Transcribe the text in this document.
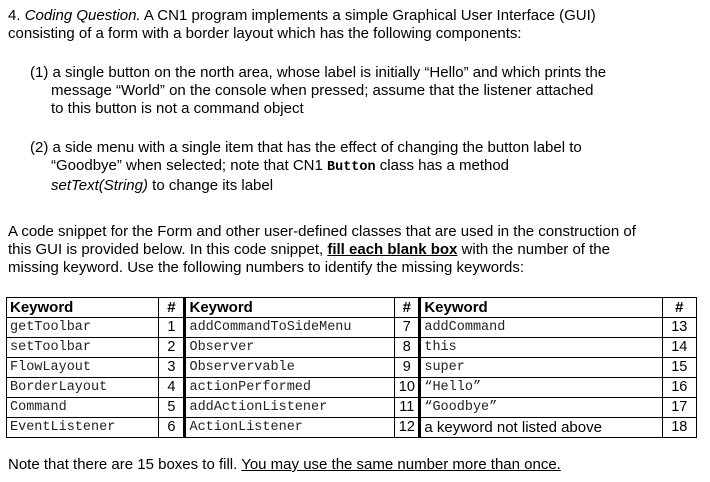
4. Coding Question. A CN1 program implements a simple Graphical User Interface (GUI)
consisting of a form with a border layout which has the following components:
(1) a single button on the north area, whose label is initially “Hello” and which prints the
message “World” on the console when pressed; assume that the listener attached
to this button is not a command object
(2) a side menu with a single item that has the effect of changing the button label to
“Goodbye” when selected; note that CN1 Button class has a method
setText(String) to change its label
A code snippet for the Form and other user-defined classes that are used in the construction of
this GUI is provided below. In this code snippet, fill each blank box with the number of the
missing keyword. Use the following numbers to identify the missing keywords:
Keyword	#	Keyword	#	Keyword	#
getToolbar	1	addCommandToSideMenu	7	addCommand	13
setToolbar	2	Observer	8	this	14
FlowLayout	3	Observervable	9	super	15
BorderLayout	4	actionPerformed	10	“Hello”	16
Command	5	addActionListener	11	“Goodbye”	17
EventListener	6	ActionListener	12	a keyword not listed above	18
Note that there are 15 boxes to fill. You may use the same number more than once.
